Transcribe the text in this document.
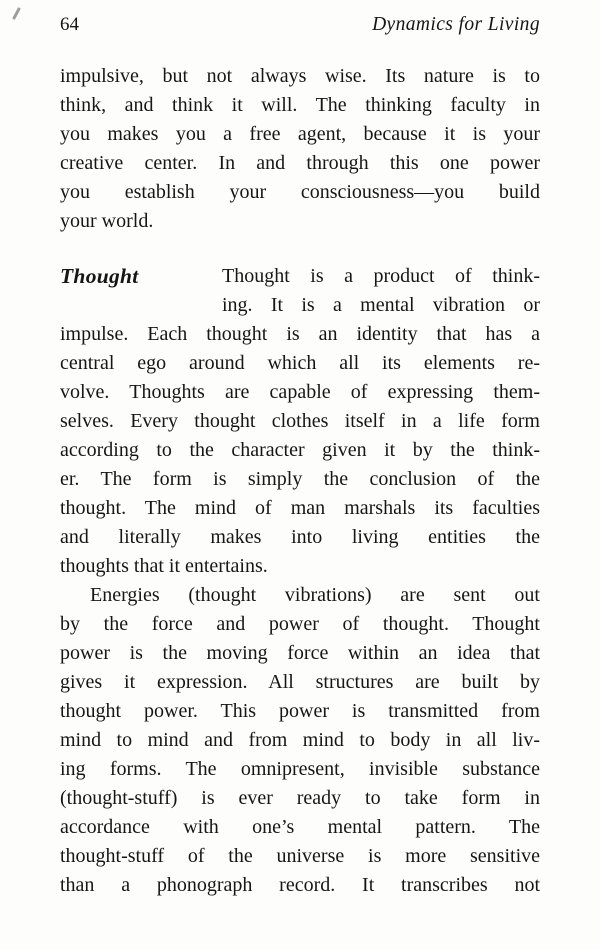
64	Dynamics for Living
impulsive, but not always wise. Its nature is to
think, and think it will. The thinking faculty in
you makes you a free agent, because it is your
creative center. In and through this one power
you establish your consciousness—you build
your world.
Thought	Thought is a product of think-
ing. It is a mental vibration or
impulse. Each thought is an identity that has a
central ego around which all its elements re-
volve. Thoughts are capable of expressing them-
selves. Every thought clothes itself in a life form
according to the character given it by the think-
er. The form is simply the conclusion of the
thought. The mind of man marshals its faculties
and literally makes into living entities the
thoughts that it entertains.
Energies (thought vibrations) are sent out
by the force and power of thought. Thought
power is the moving force within an idea that
gives it expression. All structures are built by
thought power. This power is transmitted from
mind to mind and from mind to body in all liv-
ing forms. The omnipresent, invisible substance
(thought-stuff) is ever ready to take form in
accordance with one’s mental pattern. The
thought-stuff of the universe is more sensitive
than a phonograph record. It transcribes not
